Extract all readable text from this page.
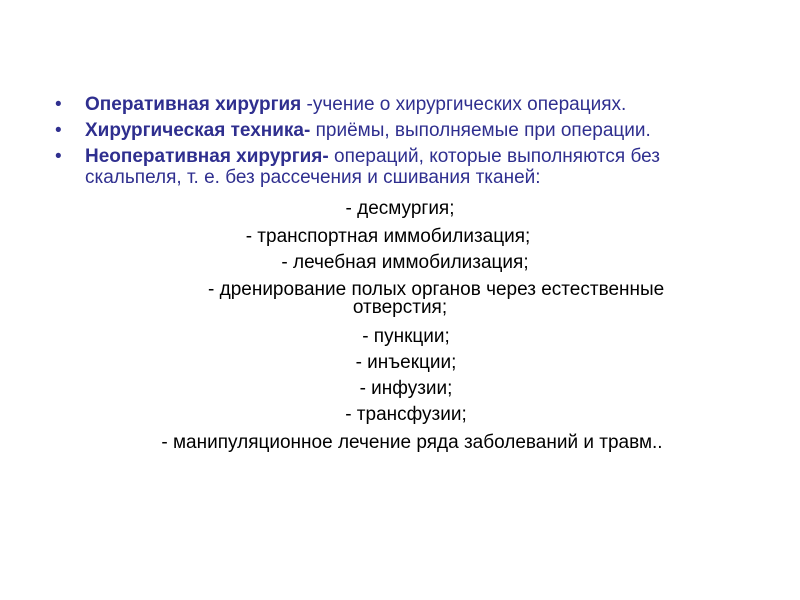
• Оперативная хирургия -учение о хирургических операциях.
• Хирургическая техника- приёмы, выполняемые при операции.
• Неоперативная хирургия- операций, которые выполняются без скальпеля, т. е. без рассечения и сшивания тканей:
- десмургия;
- транспортная иммобилизация;
- лечебная иммобилизация;
- дренирование полых органов через естественные
отверстия;
- пункции;
- инъекции;
- инфузии;
- трансфузии;
- манипуляционное лечение ряда заболеваний и травм..
